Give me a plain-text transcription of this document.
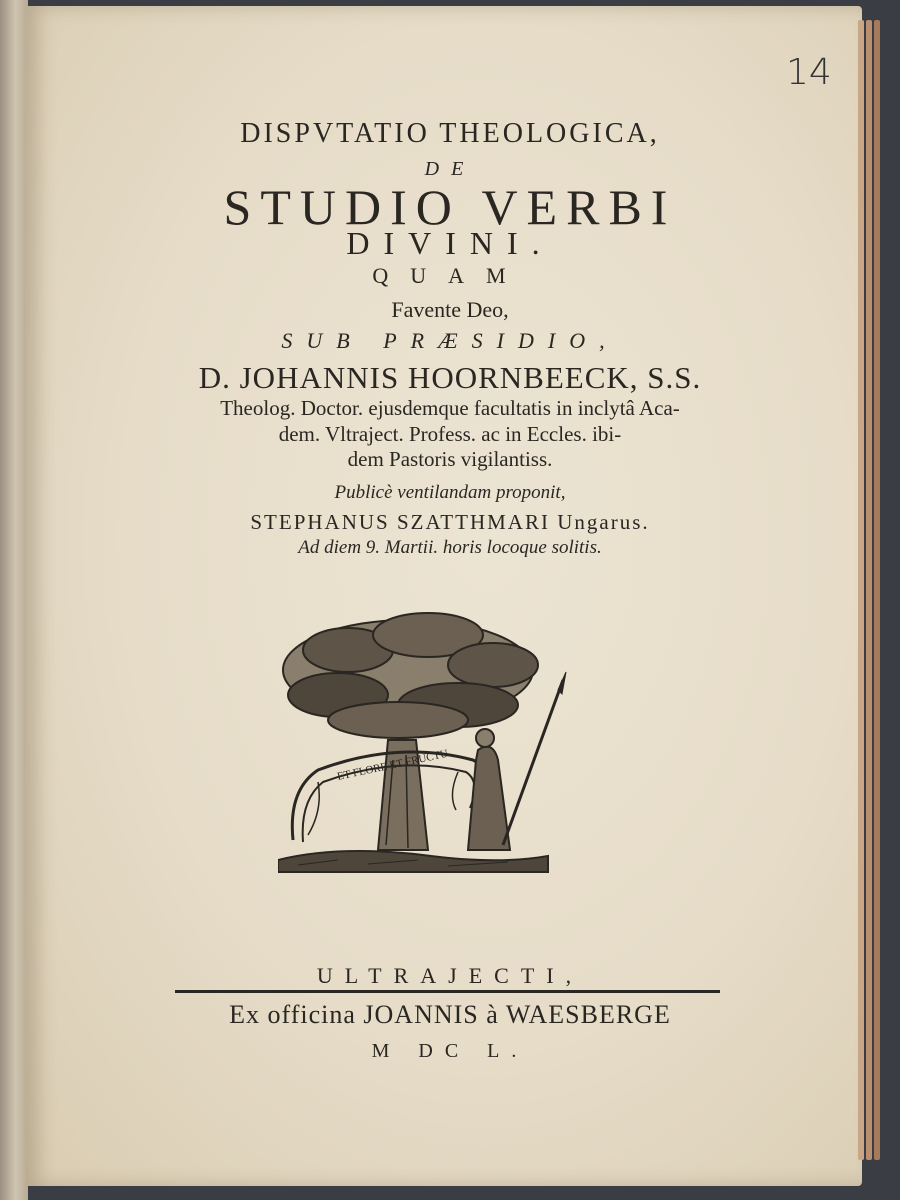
14
DISPVTATIO THEOLOGICA,
DE
STUDIO VERBI
DIVINI.
QUAM
Favente Deo,
SUB PRÆSIDIO,
D. JOHANNIS HOORNBEECK, S.S.
Theolog. Doctor. ejusdemque facultatis in inclytâ Aca-
dem. Vltraject. Profess. ac in Eccles. ibi-
dem Pastoris vigilantiss.
Publicè ventilandam proponit,
STEPHANUS SZATTHMARI Ungarus.
Ad diem 9. Martii. horis locoque solitis.
ET FLORE ET FRUCTU
ULTRAJECTI,
Ex officina JOANNIS à WAESBERGE
M DC L.
